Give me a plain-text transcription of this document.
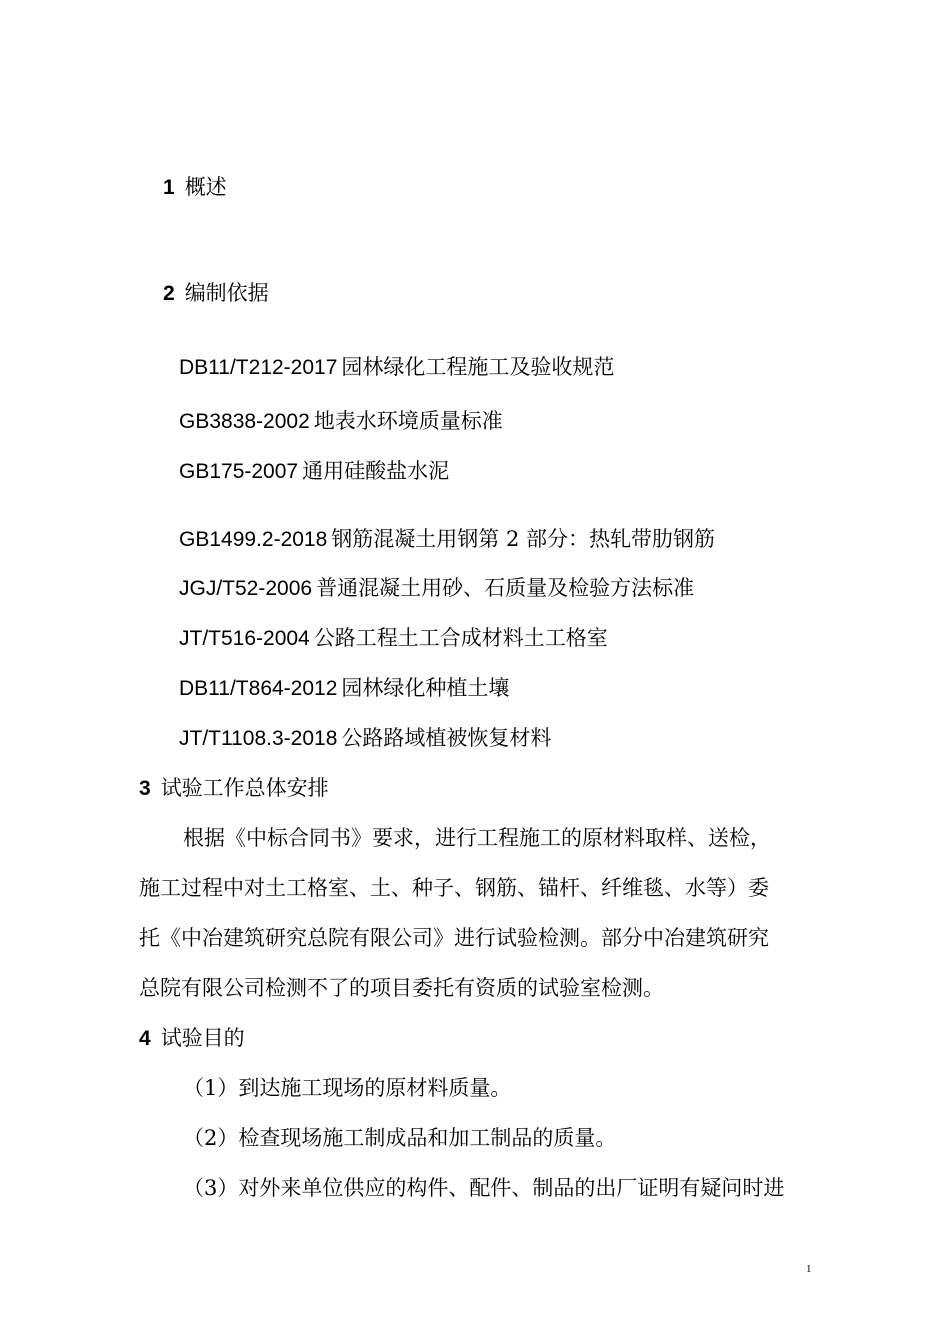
1 概述
2 编制依据
DB11/T212-2017 园林绿化工程施工及验收规范
GB3838-2002 地表水环境质量标准
GB175-2007 通用硅酸盐水泥
GB1499.2-2018 钢筋混凝土用钢第 2 部分：热轧带肋钢筋
JGJ/T52-2006 普通混凝土用砂、石质量及检验方法标准
JT/T516-2004 公路工程土工合成材料土工格室
DB11/T864-2012 园林绿化种植土壤
JT/T1108.3-2018 公路路域植被恢复材料
3 试验工作总体安排
根据《中标合同书》要求，进行工程施工的原材料取样、送检，
施工过程中对土工格室、土、种子、钢筋、锚杆、纤维毯、水等）委
托《中冶建筑研究总院有限公司》进行试验检测。部分中冶建筑研究
总院有限公司检测不了的项目委托有资质的试验室检测。
4 试验目的
（1）到达施工现场的原材料质量。
（2）检查现场施工制成品和加工制品的质量。
（3）对外来单位供应的构件、配件、制品的出厂证明有疑问时进
1
